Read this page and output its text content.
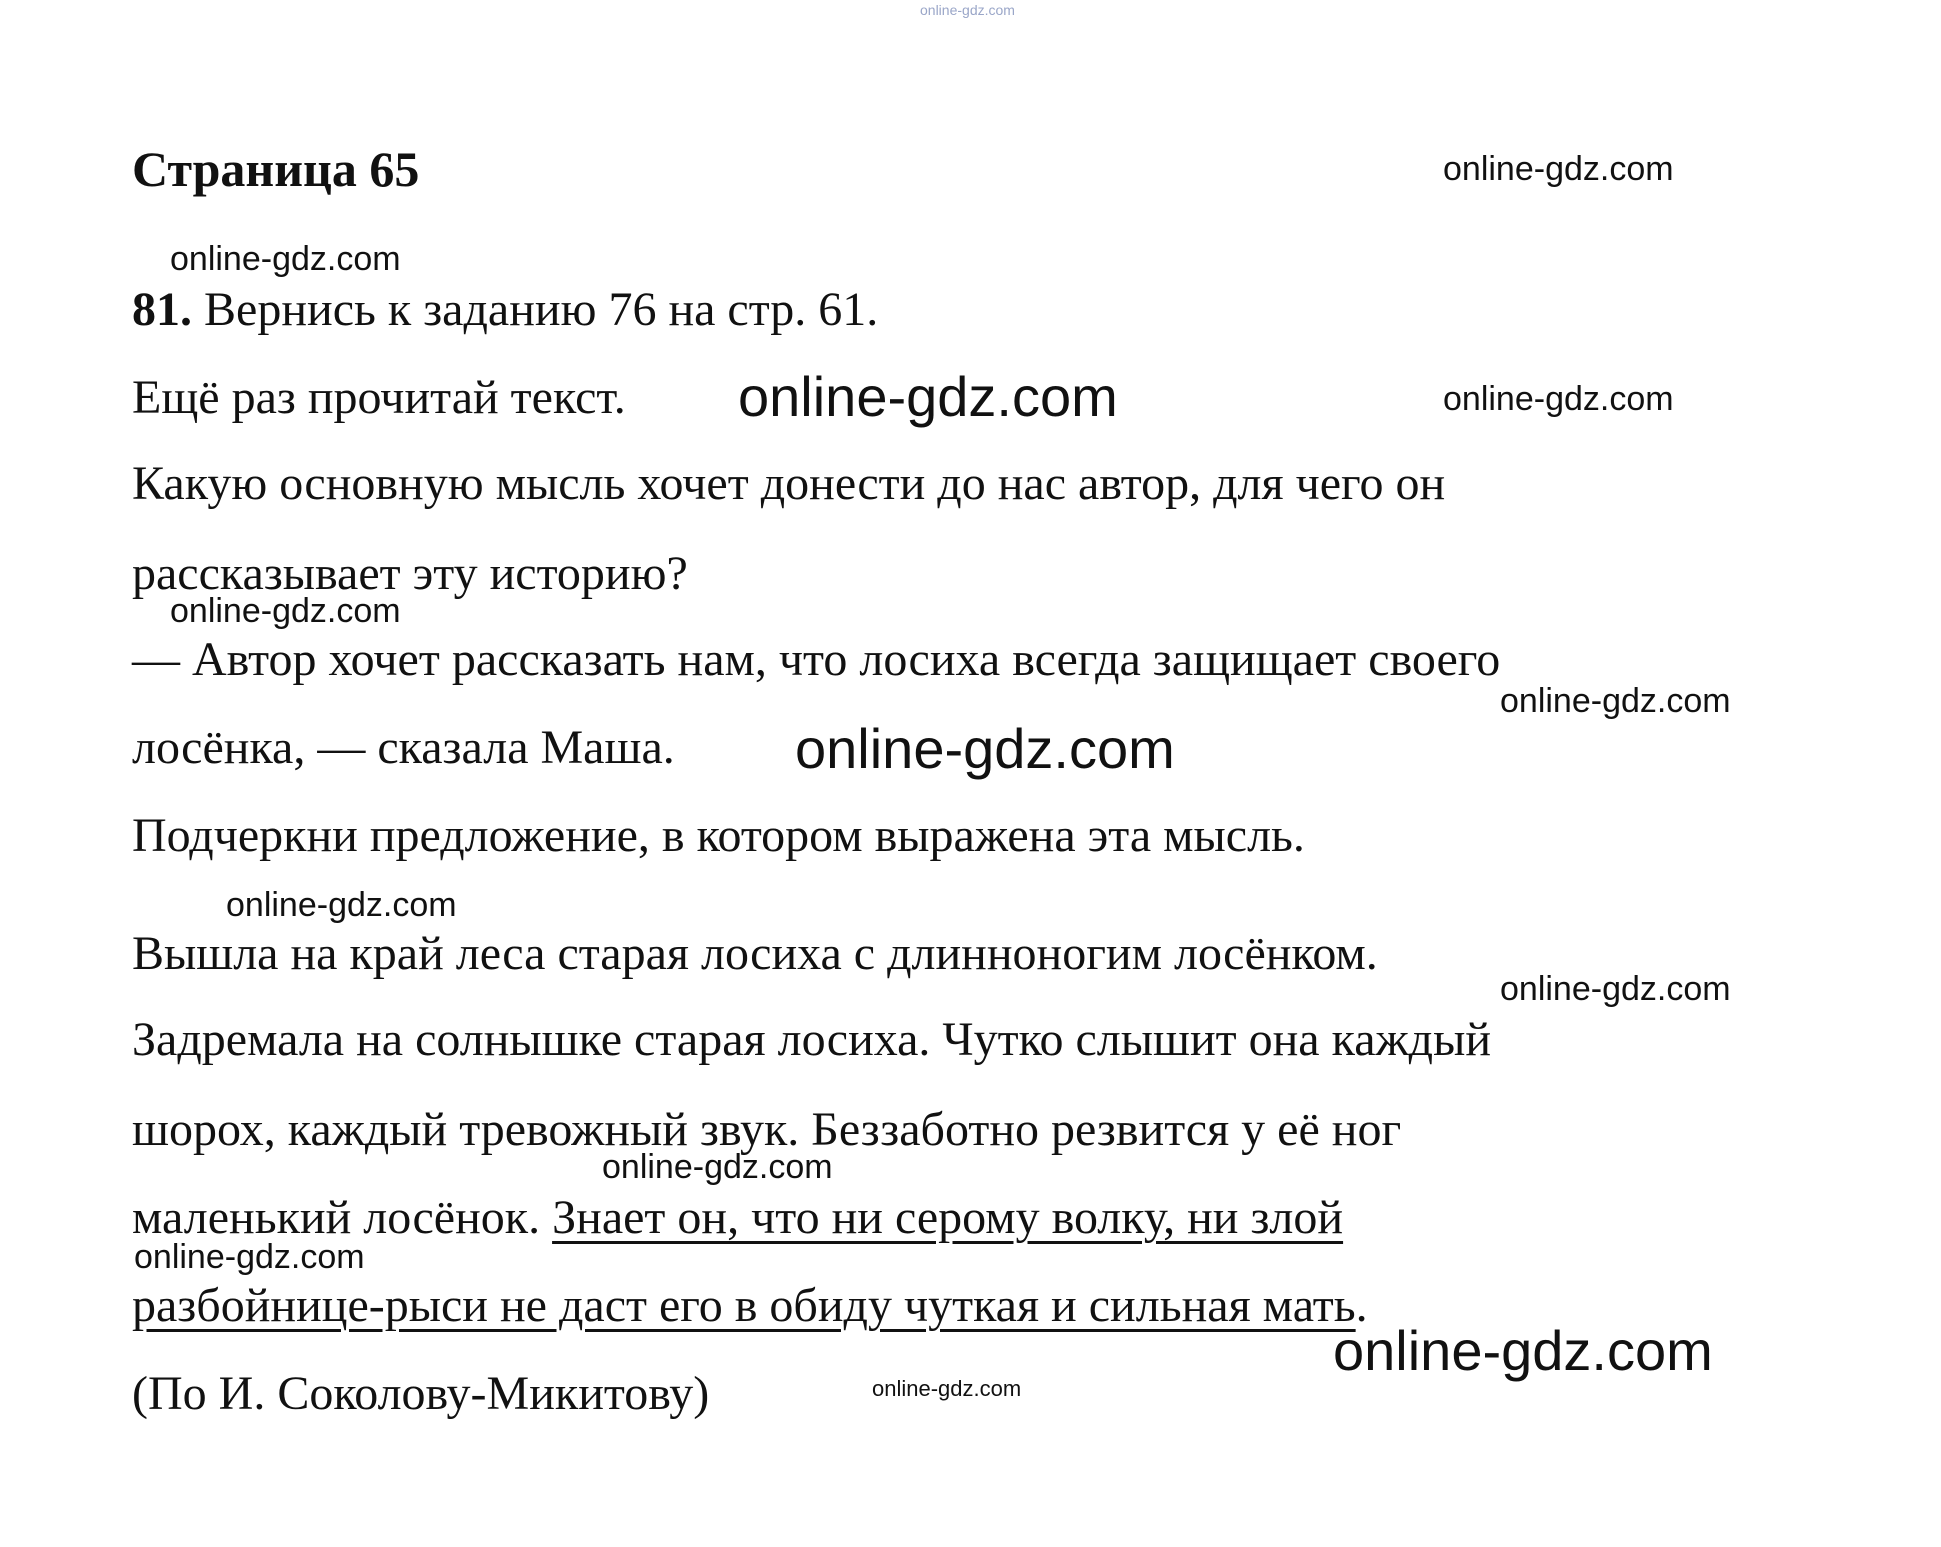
online-gdz.com
Страница 65	online-gdz.com
online-gdz.com
81. Вернись к заданию 76 на стр. 61.
Ещё раз прочитай текст. online-gdz.com	online-gdz.com
Какую основную мысль хочет донести до нас автор, для чего он
рассказывает эту историю?
online-gdz.com
— Автор хочет рассказать нам, что лосиха всегда защищает своего
online-gdz.com
лосёнка, — сказала Маша. online-gdz.com
Подчеркни предложение, в котором выражена эта мысль.
online-gdz.com
Вышла на край леса старая лосиха с длинноногим лосёнком.
online-gdz.com
Задремала на солнышке старая лосиха. Чутко слышит она каждый
шорох, каждый тревожный звук. Беззаботно резвится у её ног
online-gdz.com
маленький лосёнок. Знает он, что ни серому волку, ни злой
online-gdz.com
разбойнице-рыси не даст его в обиду чуткая и сильная мать.
online-gdz.com
(По И. Соколову-Микитову)	online-gdz.com
